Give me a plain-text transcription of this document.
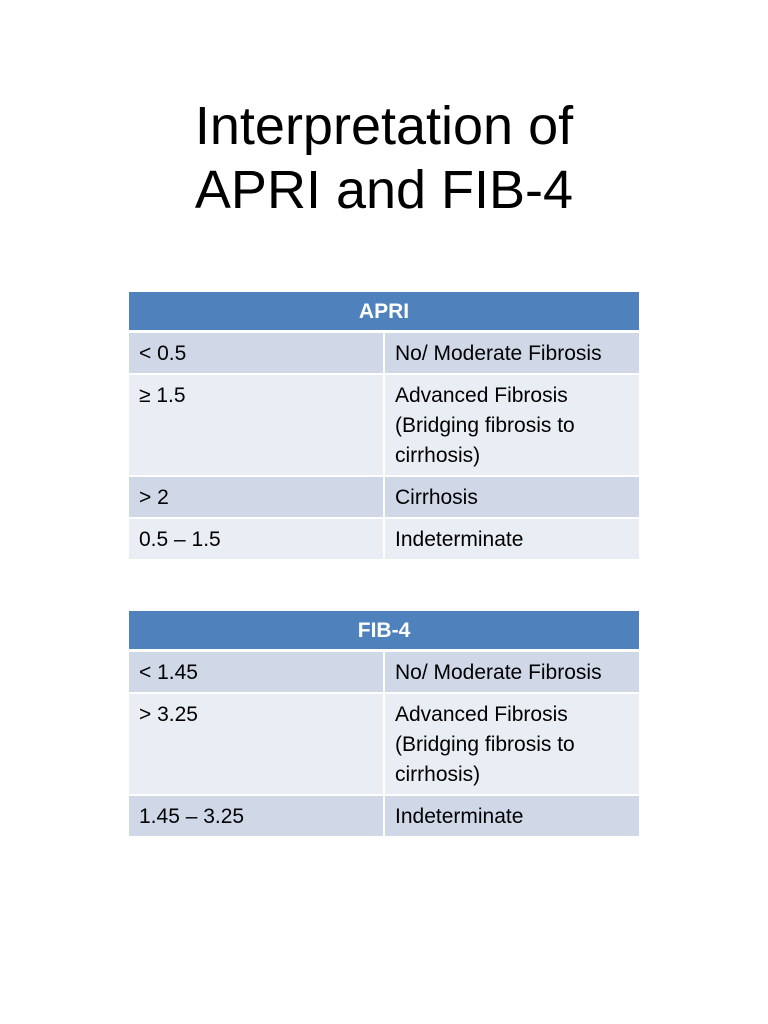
Interpretation of
APRI and FIB-4
APRI	
< 0.5	No/ Moderate Fibrosis
≥ 1.5	Advanced Fibrosis (Bridging fibrosis to cirrhosis)
> 2	Cirrhosis
0.5 – 1.5	Indeterminate
FIB-4	
< 1.45	No/ Moderate Fibrosis
> 3.25	Advanced Fibrosis (Bridging fibrosis to cirrhosis)
1.45 – 3.25	Indeterminate
